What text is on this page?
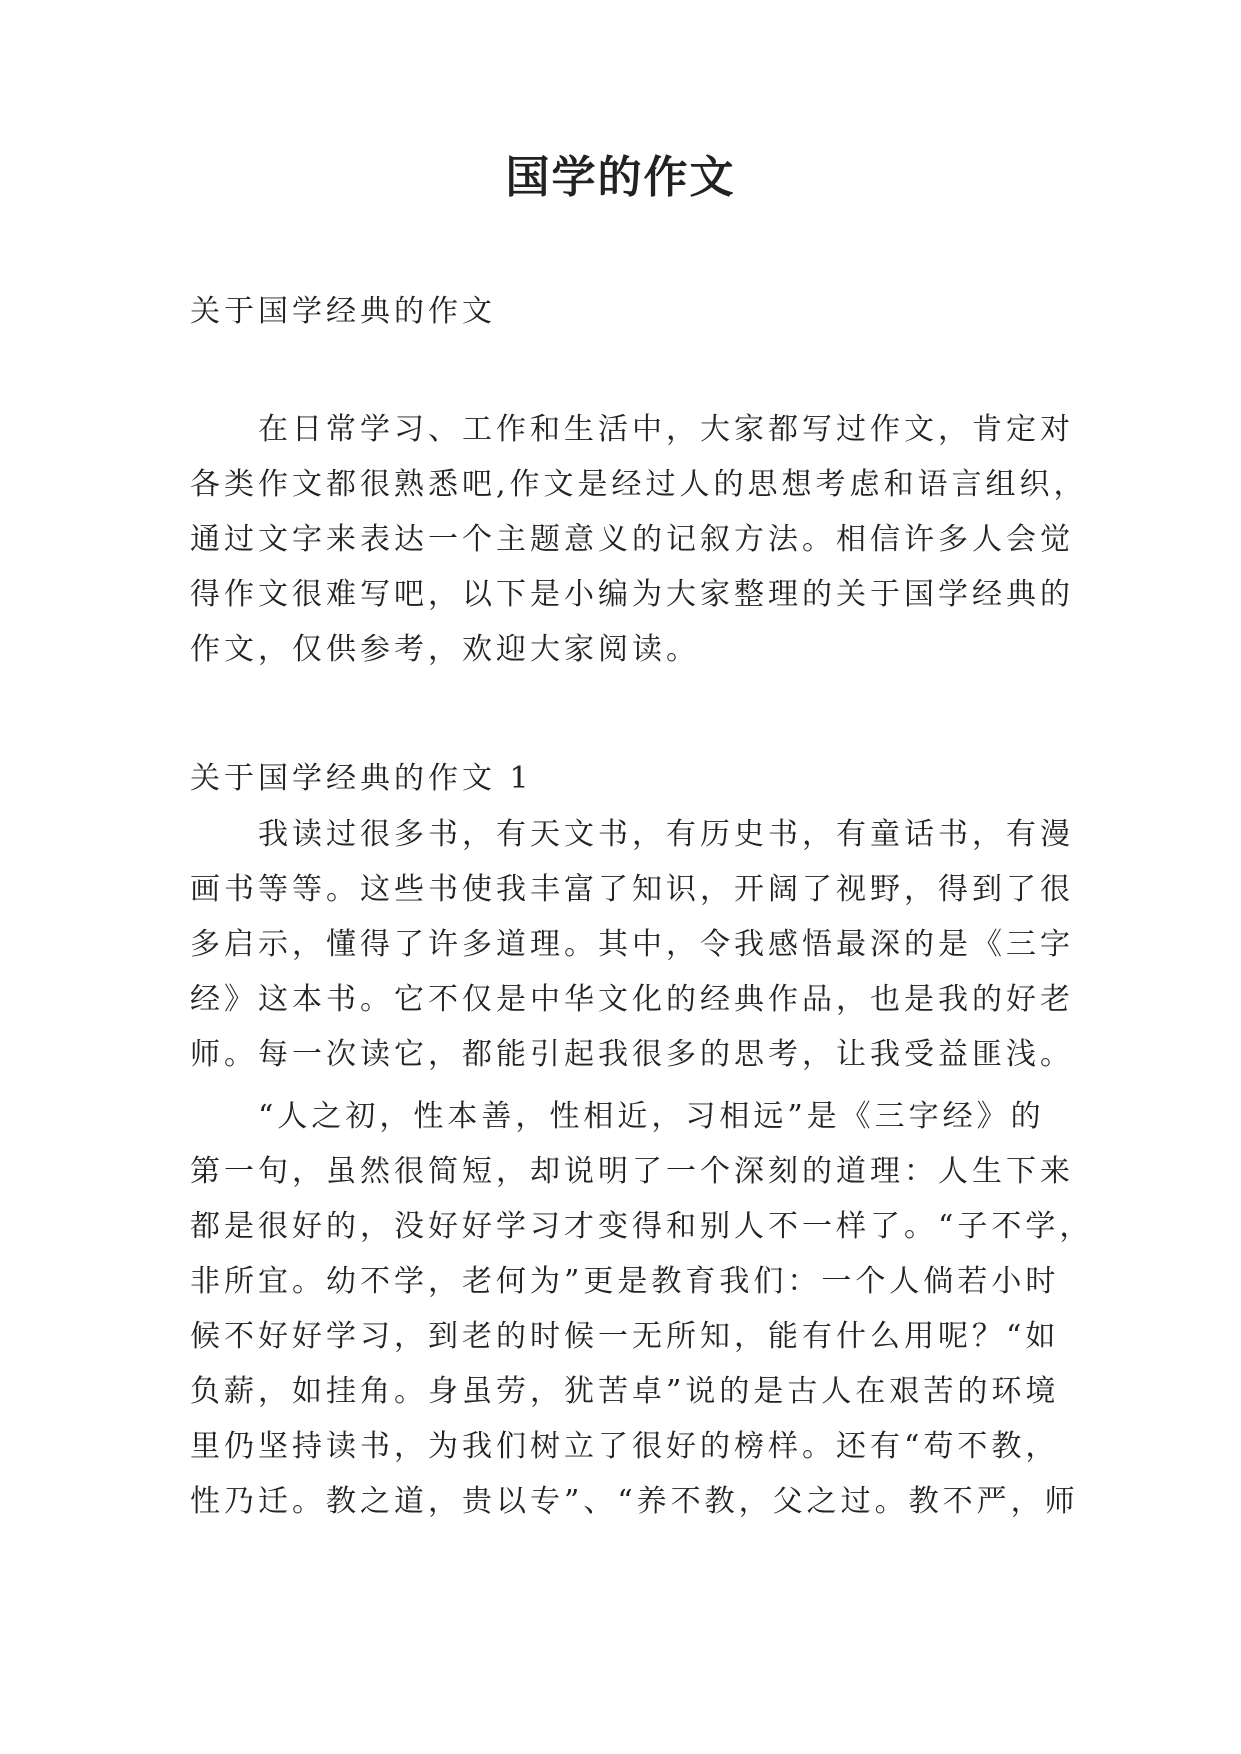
国学的作文

关于国学经典的作文

在日常学习、工作和生活中，大家都写过作文，肯定对

各类作文都很熟悉吧,作文是经过人的思想考虑和语言组织，

通过文字来表达一个主题意义的记叙方法。相信许多人会觉

得作文很难写吧，以下是小编为大家整理的关于国学经典的

作文，仅供参考，欢迎大家阅读。

关于国学经典的作文 1

我读过很多书，有天文书，有历史书，有童话书，有漫

画书等等。这些书使我丰富了知识，开阔了视野，得到了很

多启示，懂得了许多道理。其中，令我感悟最深的是《三字

经》这本书。它不仅是中华文化的经典作品，也是我的好老

师。每一次读它，都能引起我很多的思考，让我受益匪浅。

“人之初，性本善，性相近，习相远”是《三字经》的

第一句，虽然很简短，却说明了一个深刻的道理：人生下来

都是很好的，没好好学习才变得和别人不一样了。“子不学，

非所宜。幼不学，老何为”更是教育我们：一个人倘若小时

候不好好学习，到老的时候一无所知，能有什么用呢？“如

负薪，如挂角。身虽劳，犹苦卓”说的是古人在艰苦的环境

里仍坚持读书，为我们树立了很好的榜样。还有“苟不教，

性乃迁。教之道，贵以专”、“养不教，父之过。教不严，师
